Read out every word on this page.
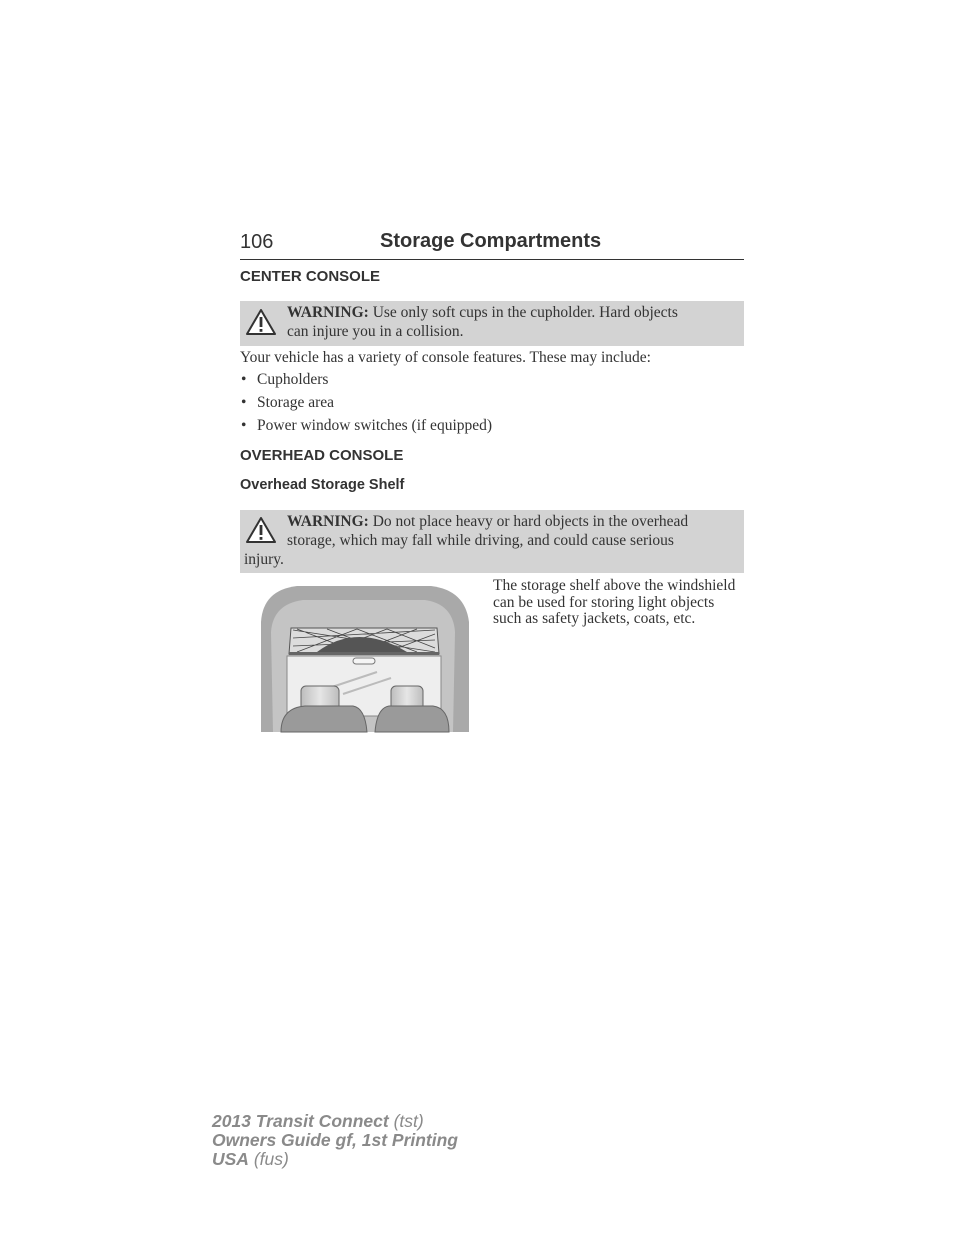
106	Storage Compartments
CENTER CONSOLE
WARNING: Use only soft cups in the cupholder. Hard objects
can injure you in a collision.
Your vehicle has a variety of console features. These may include:
• Cupholders
• Storage area
• Power window switches (if equipped)
OVERHEAD CONSOLE
Overhead Storage Shelf
WARNING: Do not place heavy or hard objects in the overhead
storage, which may fall while driving, and could cause serious
injury.
The storage shelf above the windshield can be used for storing light objects such as safety jackets, coats, etc.
2013 Transit Connect (tst)
Owners Guide gf, 1st Printing
USA (fus)
